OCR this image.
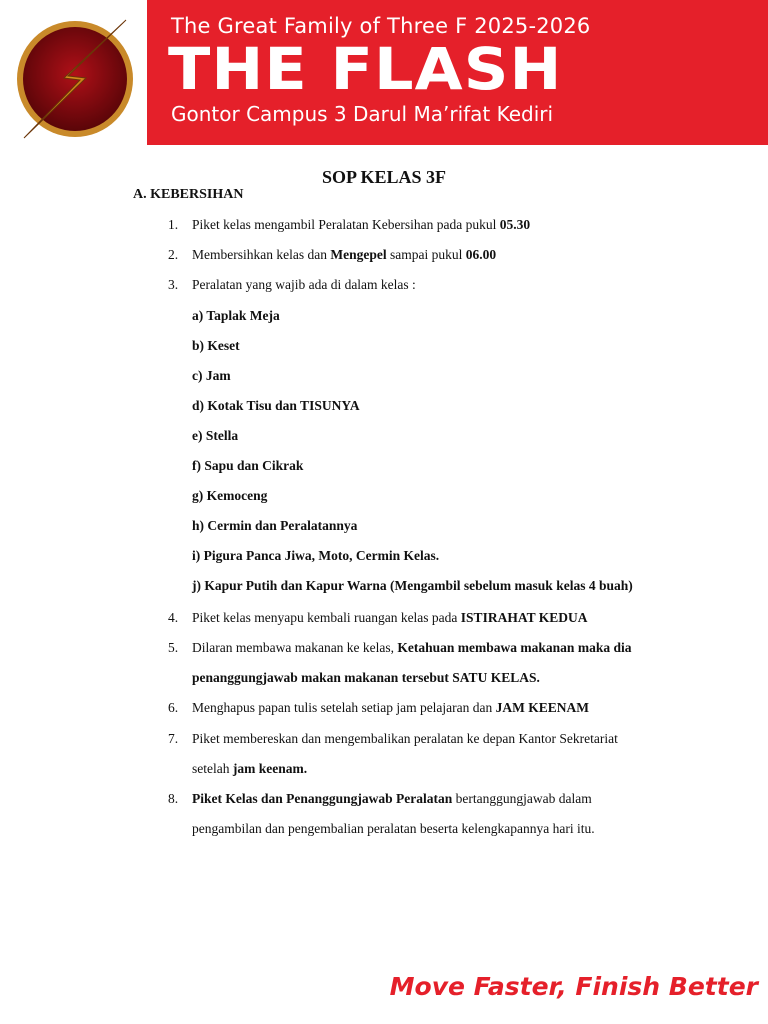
The Great Family of Three F 2025-2026
THE FLASH
Gontor Campus 3 Darul Ma’rifat Kediri
SOP KELAS 3F
A. KEBERSIHAN
1. Piket kelas mengambil Peralatan Kebersihan pada pukul 05.30
2. Membersihkan kelas dan Mengepel sampai pukul 06.00
3. Peralatan yang wajib ada di dalam kelas :
a) Taplak Meja
b) Keset
c) Jam
d) Kotak Tisu dan TISUNYA
e) Stella
f) Sapu dan Cikrak
g) Kemoceng
h) Cermin dan Peralatannya
i) Pigura Panca Jiwa, Moto, Cermin Kelas.
j) Kapur Putih dan Kapur Warna (Mengambil sebelum masuk kelas 4 buah)
4. Piket kelas menyapu kembali ruangan kelas pada ISTIRAHAT KEDUA
5. Dilaran membawa makanan ke kelas, Ketahuan membawa makanan maka dia
penanggungjawab makan makanan tersebut SATU KELAS.
6. Menghapus papan tulis setelah setiap jam pelajaran dan JAM KEENAM
7. Piket membereskan dan mengembalikan peralatan ke depan Kantor Sekretariat
setelah jam keenam.
8. Piket Kelas dan Penanggungjawab Peralatan bertanggungjawab dalam
pengambilan dan pengembalian peralatan beserta kelengkapannya hari itu.
Move Faster, Finish Better
